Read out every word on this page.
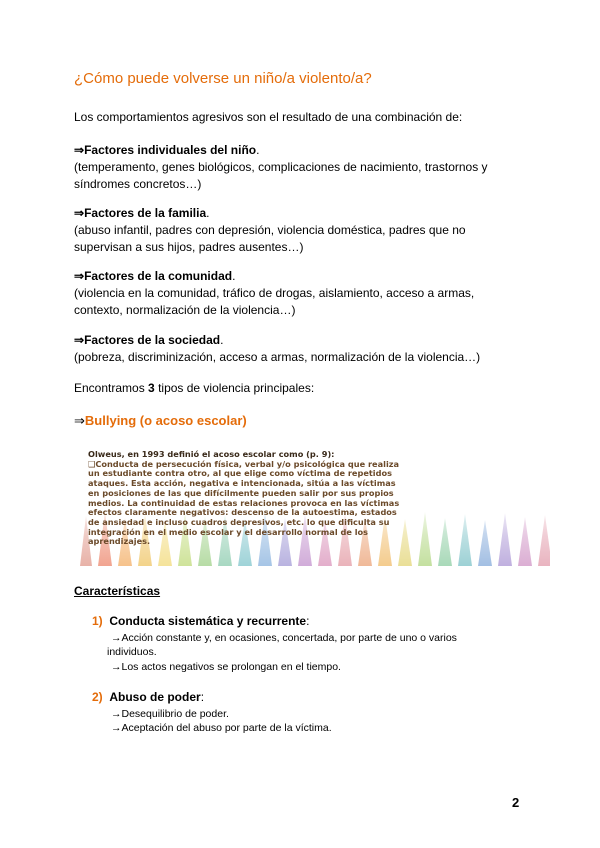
¿Cómo puede volverse un niño/a violento/a?
Los comportamientos agresivos son el resultado de una combinación de:
⇒Factores individuales del niño.
(temperamento, genes biológicos, complicaciones de nacimiento, trastornos y
síndromes concretos…)
⇒Factores de la familia.
(abuso infantil, padres con depresión, violencia doméstica, padres que no
supervisan a sus hijos, padres ausentes…)
⇒Factores de la comunidad.
(violencia en la comunidad, tráfico de drogas, aislamiento, acceso a armas,
contexto, normalización de la violencia…)
⇒Factores de la sociedad.
(pobreza, discriminización, acceso a armas, normalización de la violencia…)
Encontramos 3 tipos de violencia principales:
⇒Bullying (o acoso escolar)
Olweus, en 1993 definió el acoso escolar como (p. 9):
❑Conducta de persecución física, verbal y/o psicológica que realiza
un estudiante contra otro, al que elige como víctima de repetidos
ataques. Esta acción, negativa e intencionada, sitúa a las víctimas
en posiciones de las que difícilmente pueden salir por sus propios
medios. La continuidad de estas relaciones provoca en las víctimas
efectos claramente negativos: descenso de la autoestima, estados
de ansiedad e incluso cuadros depresivos, etc. lo que dificulta su
integración en el medio escolar y el desarrollo normal de los
aprendizajes.
Características
1) Conducta sistemática y recurrente:
→Acción constante y, en ocasiones, concertada, por parte de uno o varios
individuos.
→Los actos negativos se prolongan en el tiempo.
2) Abuso de poder:
→Desequilibrio de poder.
→Aceptación del abuso por parte de la víctima.
2
